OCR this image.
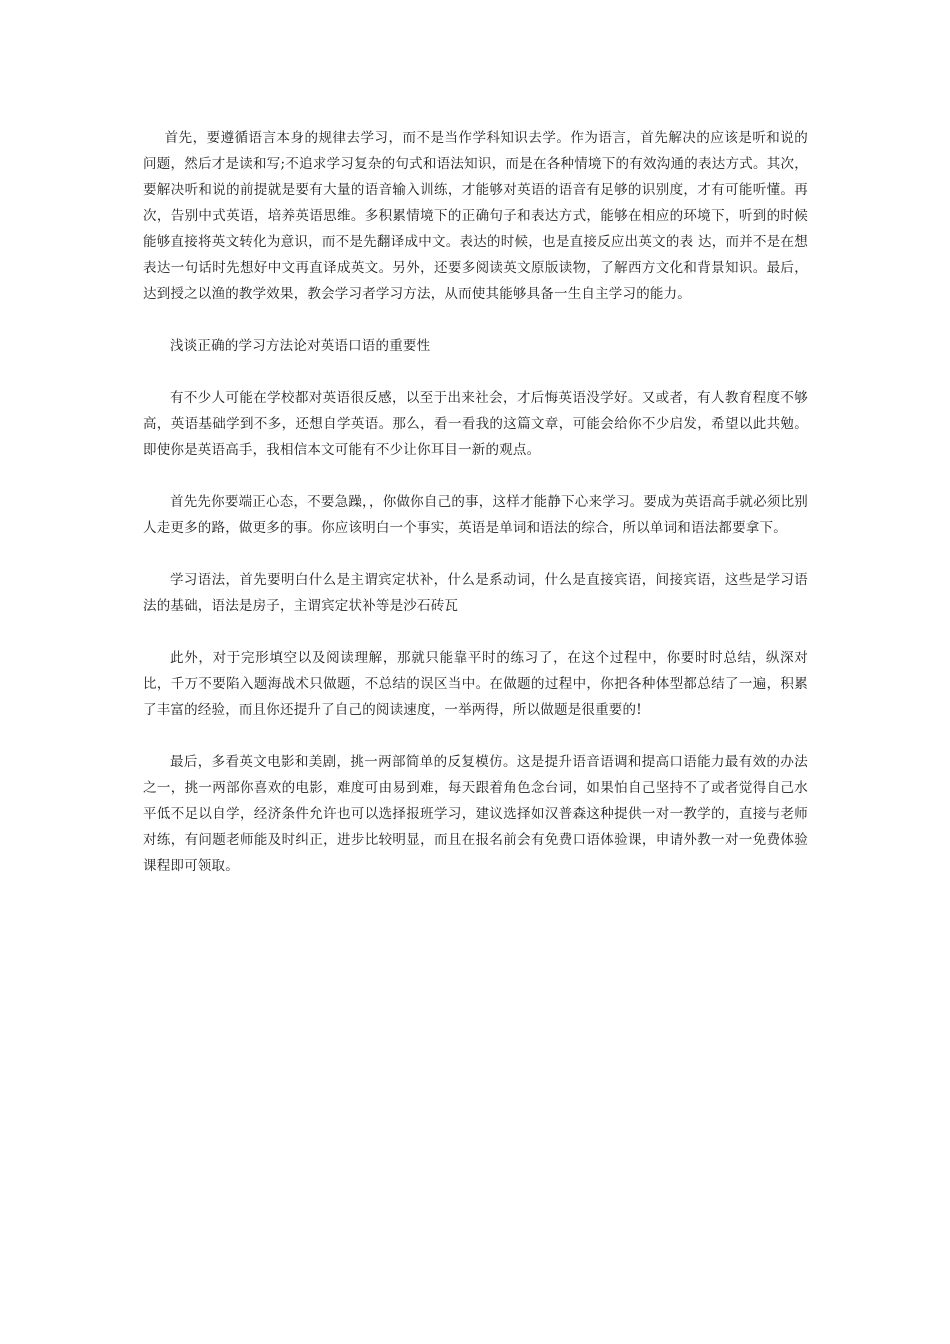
首先，要遵循语言本身的规律去学习，而不是当作学科知识去学。作为语言，首先解决的应该是听和说的问题，然后才是读和写;不追求学习复杂的句式和语法知识，而是在各种情境下的有效沟通的表达方式。其次，要解决听和说的前提就是要有大量的语音输入训练，才能够对英语的语音有足够的识别度，才有可能听懂。再次，告别中式英语，培养英语思维。多积累情境下的正确句子和表达方式，能够在相应的环境下，听到的时候能够直接将英文转化为意识，而不是先翻译成中文。表达的时候，也是直接反应出英文的表 达，而并不是在想表达一句话时先想好中文再直译成英文。另外，还要多阅读英文原版读物，了解西方文化和背景知识。最后，达到授之以渔的教学效果，教会学习者学习方法，从而使其能够具备一生自主学习的能力。

浅谈正确的学习方法论对英语口语的重要性

有不少人可能在学校都对英语很反感，以至于出来社会，才后悔英语没学好。又或者，有人教育程度不够高，英语基础学到不多，还想自学英语。那么，看一看我的这篇文章，可能会给你不少启发，希望以此共勉。即使你是英语高手，我相信本文可能有不少让你耳目一新的观点。

首先先你要端正心态，不要急躁，，你做你自己的事，这样才能静下心来学习。要成为英语高手就必须比别人走更多的路，做更多的事。你应该明白一个事实，英语是单词和语法的综合，所以单词和语法都要拿下。

学习语法，首先要明白什么是主谓宾定状补，什么是系动词，什么是直接宾语，间接宾语，这些是学习语法的基础，语法是房子，主谓宾定状补等是沙石砖瓦

此外，对于完形填空以及阅读理解，那就只能靠平时的练习了，在这个过程中，你要时时总结，纵深对比，千万不要陷入题海战术只做题，不总结的误区当中。在做题的过程中，你把各种体型都总结了一遍，积累了丰富的经验，而且你还提升了自己的阅读速度，一举两得，所以做题是很重要的!

最后，多看英文电影和美剧，挑一两部简单的反复模仿。这是提升语音语调和提高口语能力最有效的办法之一，挑一两部你喜欢的电影，难度可由易到难，每天跟着角色念台词，如果怕自己坚持不了或者觉得自己水平低不足以自学，经济条件允许也可以选择报班学习，建议选择如汉普森这种提供一对一教学的，直接与老师对练，有问题老师能及时纠正，进步比较明显，而且在报名前会有免费口语体验课，申请外教一对一免费体验课程即可领取。
